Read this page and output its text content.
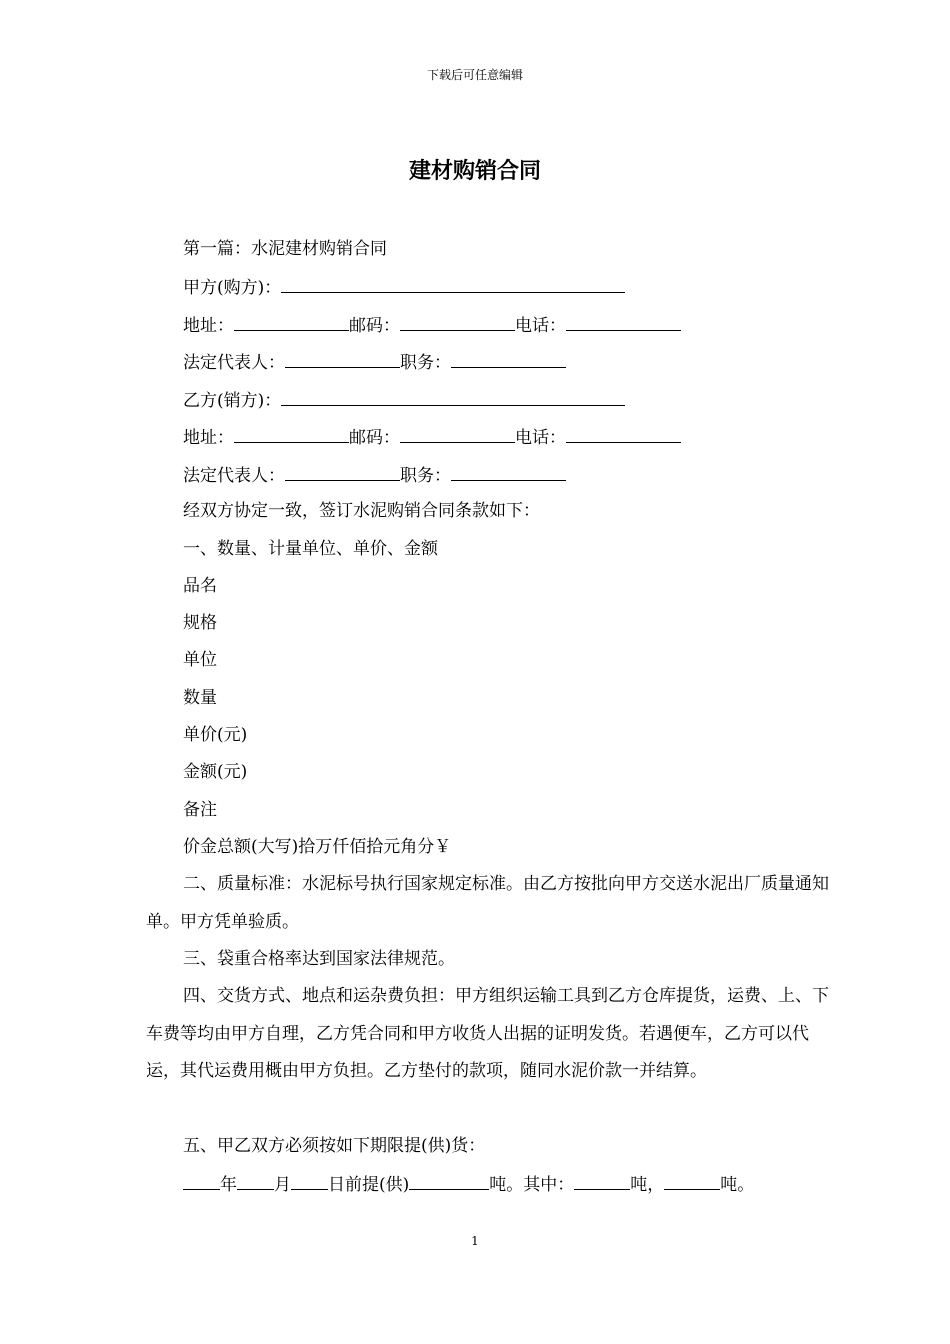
下载后可任意编辑
建材购销合同
第一篇：水泥建材购销合同
甲方(购方)：
地址：	邮码：	电话：
法定代表人：	职务：
乙方(销方)：
地址：	邮码：	电话：
法定代表人：	职务：
经双方协定一致，签订水泥购销合同条款如下：
一、数量、计量单位、单价、金额
品名
规格
单位
数量
单价(元)
金额(元)
备注
价金总额(大写)拾万仟佰拾元角分￥
二、质量标准：水泥标号执行国家规定标准。由乙方按批向甲方交送水泥出厂质量通知单。甲方凭单验质。
三、袋重合格率达到国家法律规范。
四、交货方式、地点和运杂费负担：甲方组织运输工具到乙方仓库提货，运费、上、下车费等均由甲方自理，乙方凭合同和甲方收货人出据的证明发货。若遇便车，乙方可以代运，其代运费用概由甲方负担。乙方垫付的款项，随同水泥价款一并结算。
五、甲乙双方必须按如下期限提(供)货：
年 月 日前提(供)	吨。其中：	吨，	吨。
1
